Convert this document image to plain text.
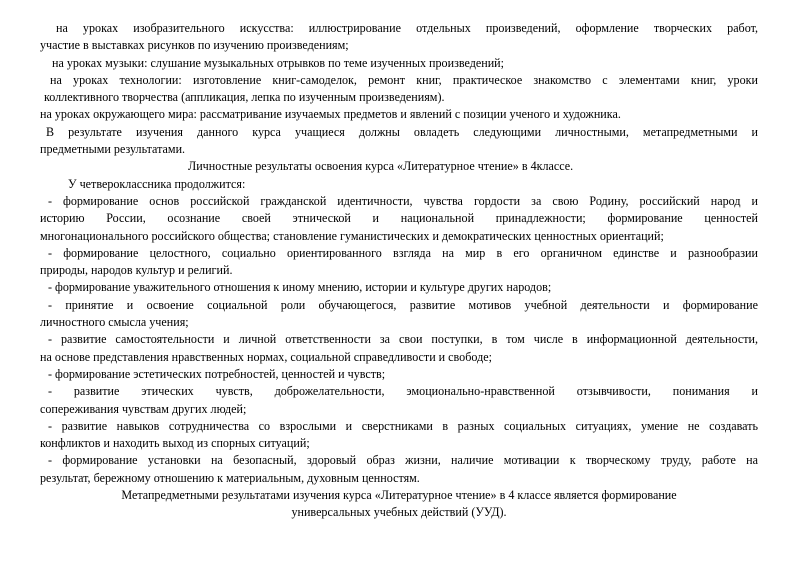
на уроках изобразительного искусства: иллюстрирование отдельных произведений, оформление творческих работ,
участие в выставках рисунков по изучению произведениям;
на уроках музыки: слушание музыкальных отрывков по теме изученных произведений;
на уроках технологии: изготовление книг-самоделок, ремонт книг, практическое знакомство с элементами книг, уроки
коллективного творчества (аппликация, лепка по изученным произведениям).
на уроках окружающего мира: рассматривание изучаемых предметов и явлений с позиции ученого и художника.
В результате изучения данного курса учащиеся должны овладеть следующими личностными, метапредметными и
предметными результатами.
Личностные результаты освоения курса «Литературное чтение» в 4классе.
У четвероклассника продолжится:
- формирование основ российской гражданской идентичности, чувства гордости за свою Родину, российский народ и
историю России, осознание своей этнической и национальной принадлежности; формирование ценностей
многонационального российского общества; становление гуманистических и демократических ценностных ориентаций;
- формирование целостного, социально ориентированного взгляда на мир в его органичном единстве и разнообразии
природы, народов культур и религий.
- формирование уважительного отношения к иному мнению, истории и культуре других народов;
- принятие и освоение социальной роли обучающегося, развитие мотивов учебной деятельности и формирование
личностного смысла учения;
- развитие самостоятельности и личной ответственности за свои поступки, в том числе в информационной деятельности,
на основе представления нравственных нормах, социальной справедливости и свободе;
- формирование эстетических потребностей, ценностей и чувств;
- развитие этических чувств, доброжелательности, эмоционально-нравственной отзывчивости, понимания и
сопереживания чувствам других людей;
- развитие навыков сотрудничества со взрослыми и сверстниками в разных социальных ситуациях, умение не создавать
конфликтов и находить выход из спорных ситуаций;
- формирование установки на безопасный, здоровый образ жизни, наличие мотивации к творческому труду, работе на
результат, бережному отношению к материальным, духовным ценностям.
Метапредметными результатами изучения курса «Литературное чтение» в 4 классе является формирование
универсальных учебных действий (УУД).
